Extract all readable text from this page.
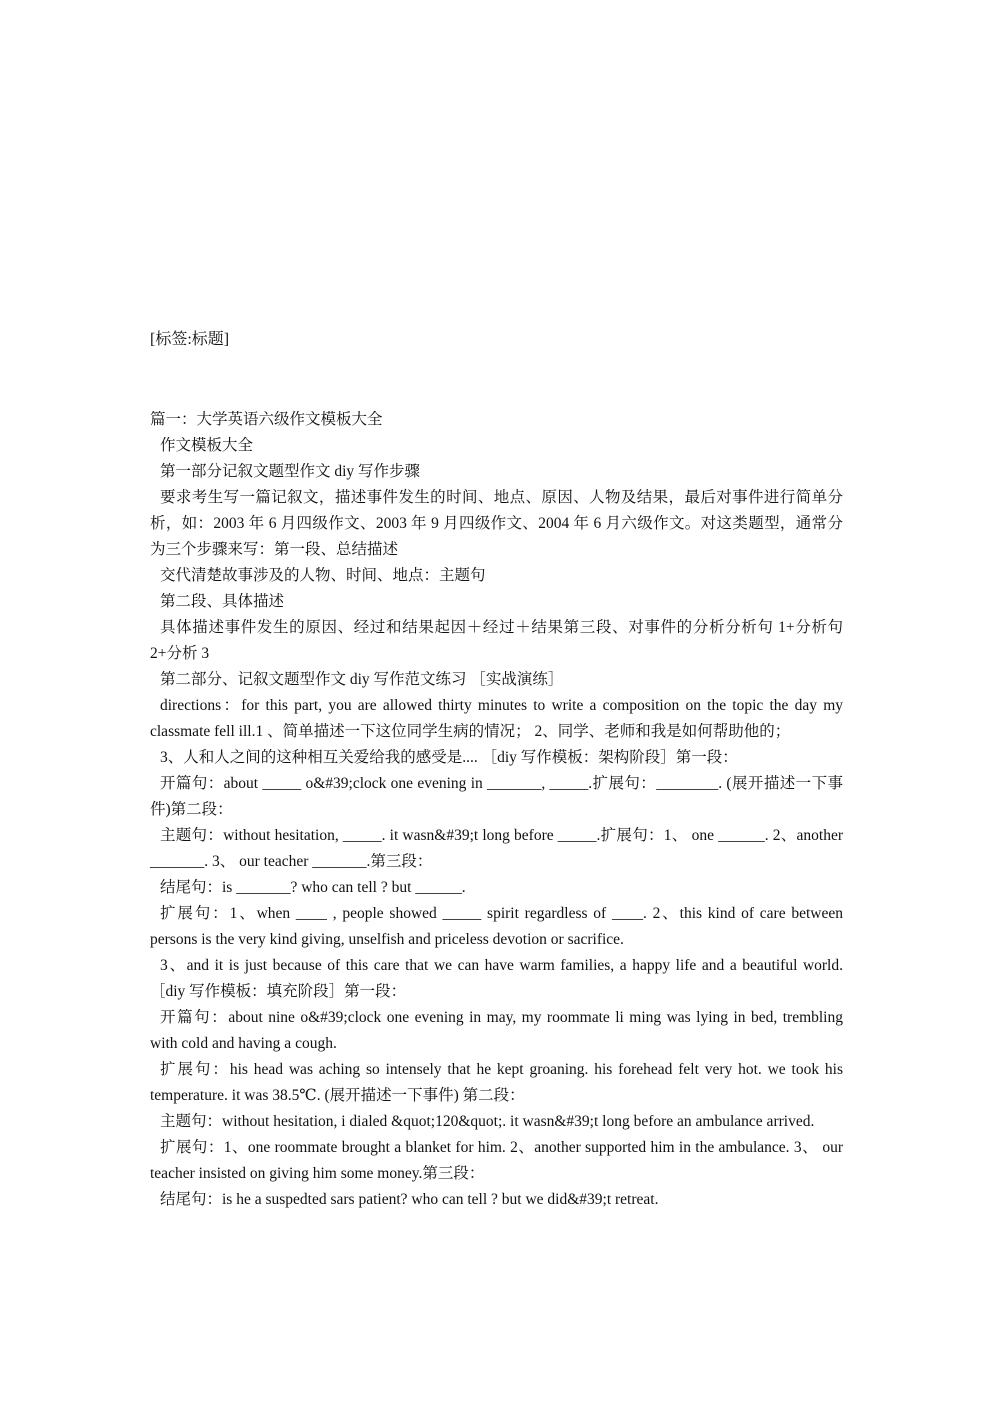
[标签:标题]

篇一：大学英语六级作文模板大全

作文模板大全

第一部分记叙文题型作文 diy 写作步骤

要求考生写一篇记叙文，描述事件发生的时间、地点、原因、人物及结果，最后对事件进行简单分析，如：2003 年 6 月四级作文、2003 年 9 月四级作文、2004 年 6 月六级作文。对这类题型，通常分为三个步骤来写：第一段、总结描述

交代清楚故事涉及的人物、时间、地点：主题句

第二段、具体描述

具体描述事件发生的原因、经过和结果起因＋经过＋结果第三段、对事件的分析分析句 1+分析句 2+分析 3

第二部分、记叙文题型作文 diy 写作范文练习 ［实战演练］

directions：for this part, you are allowed thirty minutes to write a composition on the topic the day my classmate fell ill.1 、简单描述一下这位同学生病的情况； 2、同学、老师和我是如何帮助他的；

3、人和人之间的这种相互关爱给我的感受是.... ［diy 写作模板：架构阶段］第一段：

开篇句：about _____ o&#39;clock one evening in _______, _____.扩展句：________. (展开描述一下事件)第二段：

主题句：without hesitation, _____. it wasn&#39;t long before _____.扩展句：1、 one ______. 2、another _______. 3、 our teacher _______.第三段：

结尾句：is _______? who can tell ? but ______.

扩展句：1、when ____ , people showed _____ spirit regardless of ____. 2、this kind of care between persons is the very kind giving, unselfish and priceless devotion or sacrifice.

3、and it is just because of this care that we can have warm families, a happy life and a beautiful world. ［diy 写作模板：填充阶段］第一段：

开篇句：about nine o&#39;clock one evening in may, my roommate li ming was lying in bed, trembling with cold and having a cough.

扩展句：his head was aching so intensely that he kept groaning. his forehead felt very hot. we took his temperature. it was 38.5℃. (展开描述一下事件) 第二段：

主题句：without hesitation, i dialed &quot;120&quot;. it wasn&#39;t long before an ambulance arrived.

扩展句：1、one roommate brought a blanket for him. 2、another supported him in the ambulance. 3、 our teacher insisted on giving him some money.第三段：

结尾句：is he a suspedted sars patient? who can tell ? but we did&#39;t retreat.
